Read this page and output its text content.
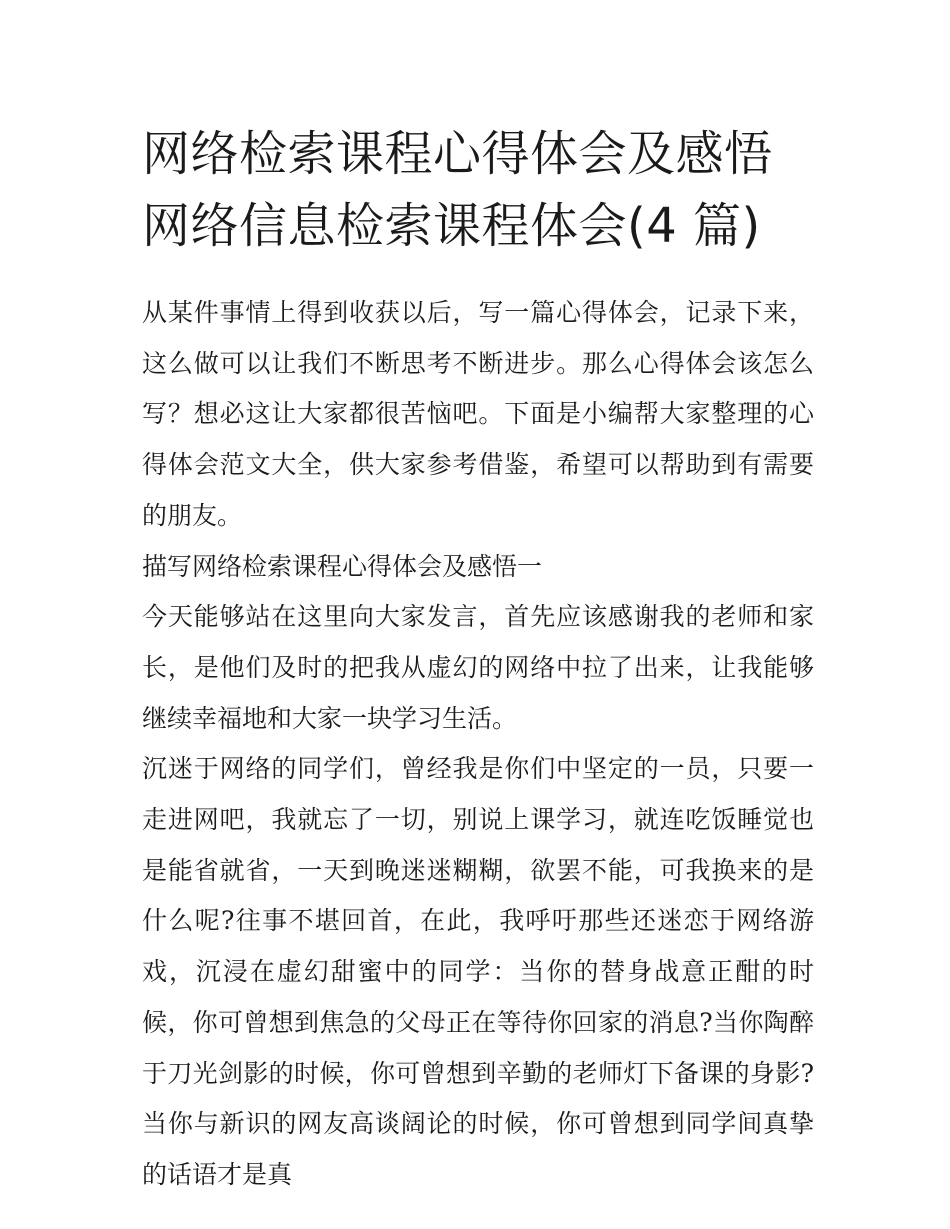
网络检索课程心得体会及感悟
网络信息检索课程体会(4 篇)

从某件事情上得到收获以后，写一篇心得体会，记录下来，这么做可以让我们不断思考不断进步。那么心得体会该怎么写？想必这让大家都很苦恼吧。下面是小编帮大家整理的心得体会范文大全，供大家参考借鉴，希望可以帮助到有需要的朋友。

描写网络检索课程心得体会及感悟一

今天能够站在这里向大家发言，首先应该感谢我的老师和家长，是他们及时的把我从虚幻的网络中拉了出来，让我能够继续幸福地和大家一块学习生活。

沉迷于网络的同学们，曾经我是你们中坚定的一员，只要一走进网吧，我就忘了一切，别说上课学习，就连吃饭睡觉也是能省就省，一天到晚迷迷糊糊，欲罢不能，可我换来的是什么呢?往事不堪回首，在此，我呼吁那些还迷恋于网络游戏，沉浸在虚幻甜蜜中的同学：当你的替身战意正酣的时候，你可曾想到焦急的父母正在等待你回家的消息?当你陶醉于刀光剑影的时候，你可曾想到辛勤的老师灯下备课的身影?当你与新识的网友高谈阔论的时候，你可曾想到同学间真挚的话语才是真
